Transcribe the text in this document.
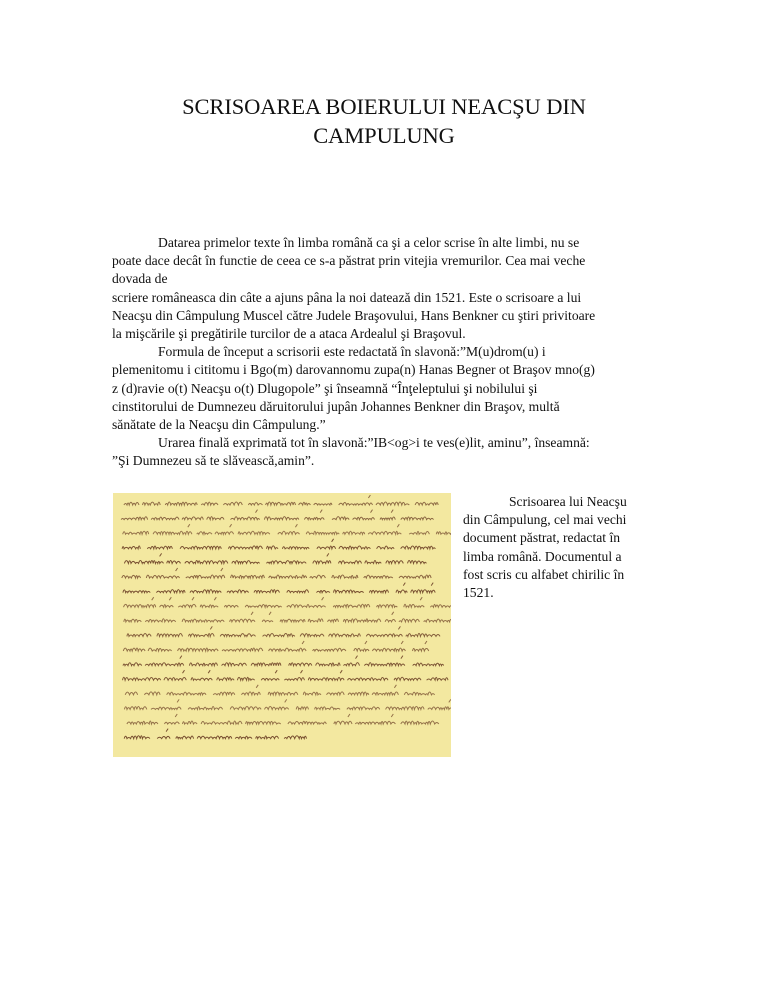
SCRISOAREA BOIERULUI NEACŞU DIN
CAMPULUNG
Datarea primelor texte în limba română ca şi a celor scrise în alte limbi, nu se
poate dace decât în functie de ceea ce s-a păstrat prin vitejia vremurilor. Cea mai veche
dovada de
scriere româneasca din câte a ajuns pâna la noi datează din 1521. Este o scrisoare a lui
Neacşu din Câmpulung Muscel către Judele Braşovului, Hans Benkner cu ştiri privitoare
la mişcările şi pregătirile turcilor de a ataca Ardealul şi Braşovul.
Formula de început a scrisorii este redactată în slavonă:”M(u)drom(u) i
plemenitomu i cititomu i Bgo(m) darovannomu zupa(n) Hanas Begner ot Braşov mno(g)
z (d)ravie o(t) Neacşu o(t) Dlugopole” şi înseamnă “Înţeleptului şi nobilului şi
cinstitorului de Dumnezeu dăruitorului jupân Johannes Benkner din Braşov, multă
sănătate de la Neacşu din Câmpulung.”
Urarea finală exprimată tot în slavonă:”IB<og>i te ves(e)lit, aminu”, înseamnă:
”Şi Dumnezeu să te slăvească,amin”.
Scrisoarea lui Neacşu
din Câmpulung, cel mai vechi
document păstrat, redactat în
limba română. Documentul a
fost scris cu alfabet chirilic în
1521.
